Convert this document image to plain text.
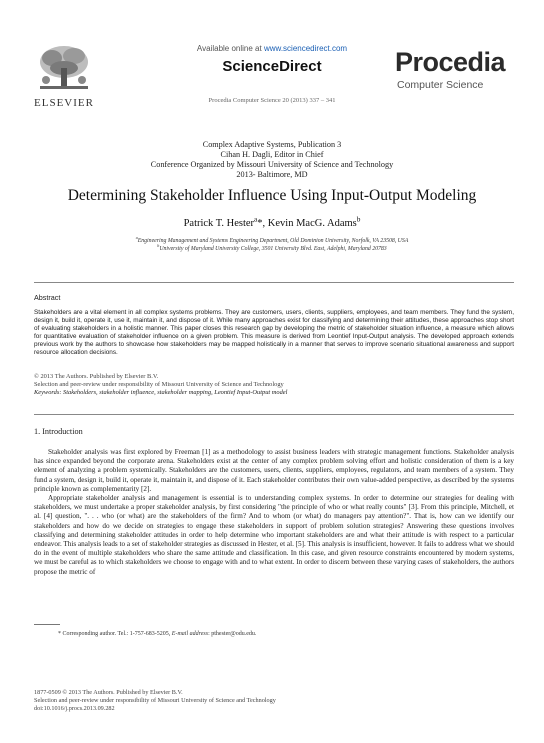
ELSEVIER
Available online at www.sciencedirect.com
ScienceDirect
Procedia Computer Science 20 (2013) 337 – 341
Procedia
Computer Science
Complex Adaptive Systems, Publication 3
Cihan H. Dagli, Editor in Chief
Conference Organized by Missouri University of Science and Technology
2013- Baltimore, MD
Determining Stakeholder Influence Using Input-Output Modeling
Patrick T. Hester$^a$*, Kevin MacG. Adams$^b$
$^a$Engineering Management and Systems Engineering Department, Old Dominion University, Norfolk, VA 23508, USA
$^b$University of Maryland University College, 3501 University Blvd. East, Adelphi, Maryland 20783
Abstract
Stakeholders are a vital element in all complex systems problems. They are customers, users, clients, suppliers, employees, and team members. They fund the system, design it, build it, operate it, use it, maintain it, and dispose of it. While many approaches exist for classifying and determining their attitudes, these approaches stop short of evaluating stakeholders in a holistic manner. This paper closes this research gap by developing the metric of stakeholder situation influence, a measure which allows for quantitative evaluation of stakeholder influence on a given problem. This measure is derived from Leontief Input-Output analysis. The developed approach extends previous work by the authors to showcase how stakeholders may be mapped holistically in a manner that serves to improve scenario situational awareness and support resource allocation decisions.
© 2013 The Authors. Published by Elsevier B.V.
Selection and peer-review under responsibility of Missouri University of Science and Technology
Keywords: Stakeholders, stakeholder influence, stakeholder mapping, Leontief Input-Output model
1. Introduction

Stakeholder analysis was first explored by Freeman [1] as a methodology to assist business leaders with strategic management functions. Stakeholder analysis has since expanded beyond the corporate arena. Stakeholders exist at the center of any complex problem solving effort and holistic consideration of them is a key element of analyzing a problem systemically. Stakeholders are the customers, users, clients, suppliers, employees, regulators, and team members of a system. They fund a system, design it, build it, operate it, maintain it, and dispose of it. Each stakeholder contributes their own value-added perspective, as described by the systems principle known as complementarity [2].

Appropriate stakeholder analysis and management is essential is to understanding complex systems. In order to determine our strategies for dealing with stakeholders, we must undertake a proper stakeholder analysis, by first considering "the principle of who or what really counts" [3]. From this principle, Mitchell, et al. [4] question, ". . . who (or what) are the stakeholders of the firm? And to whom (or what) do managers pay attention?". That is, how can we identify our stakeholders and how do we decide on strategies to engage these stakeholders in support of problem solution strategies? Answering these questions involves classifying and determining stakeholder attitudes in order to help determine who important stakeholders are and what their attitude is with respect to a particular endeavor. This analysis leads to a set of stakeholder strategies as discussed in Hester, et al. [5]. This analysis is insufficient, however. It fails to address what we should do in the event of multiple stakeholders who share the same attitude and classification. In this case, and given resource constraints encountered by modern systems, we must be careful as to which stakeholders we choose to engage with and to what extent. In order to discern between these varying cases of stakeholders, the authors propose the metric of

* Corresponding author. Tel.: 1-757-683-5205, E-mail address: pthester@odu.edu.
1877-0509 © 2013 The Authors. Published by Elsevier B.V.
Selection and peer-review under responsibility of Missouri University of Science and Technology
doi:10.1016/j.procs.2013.09.282
